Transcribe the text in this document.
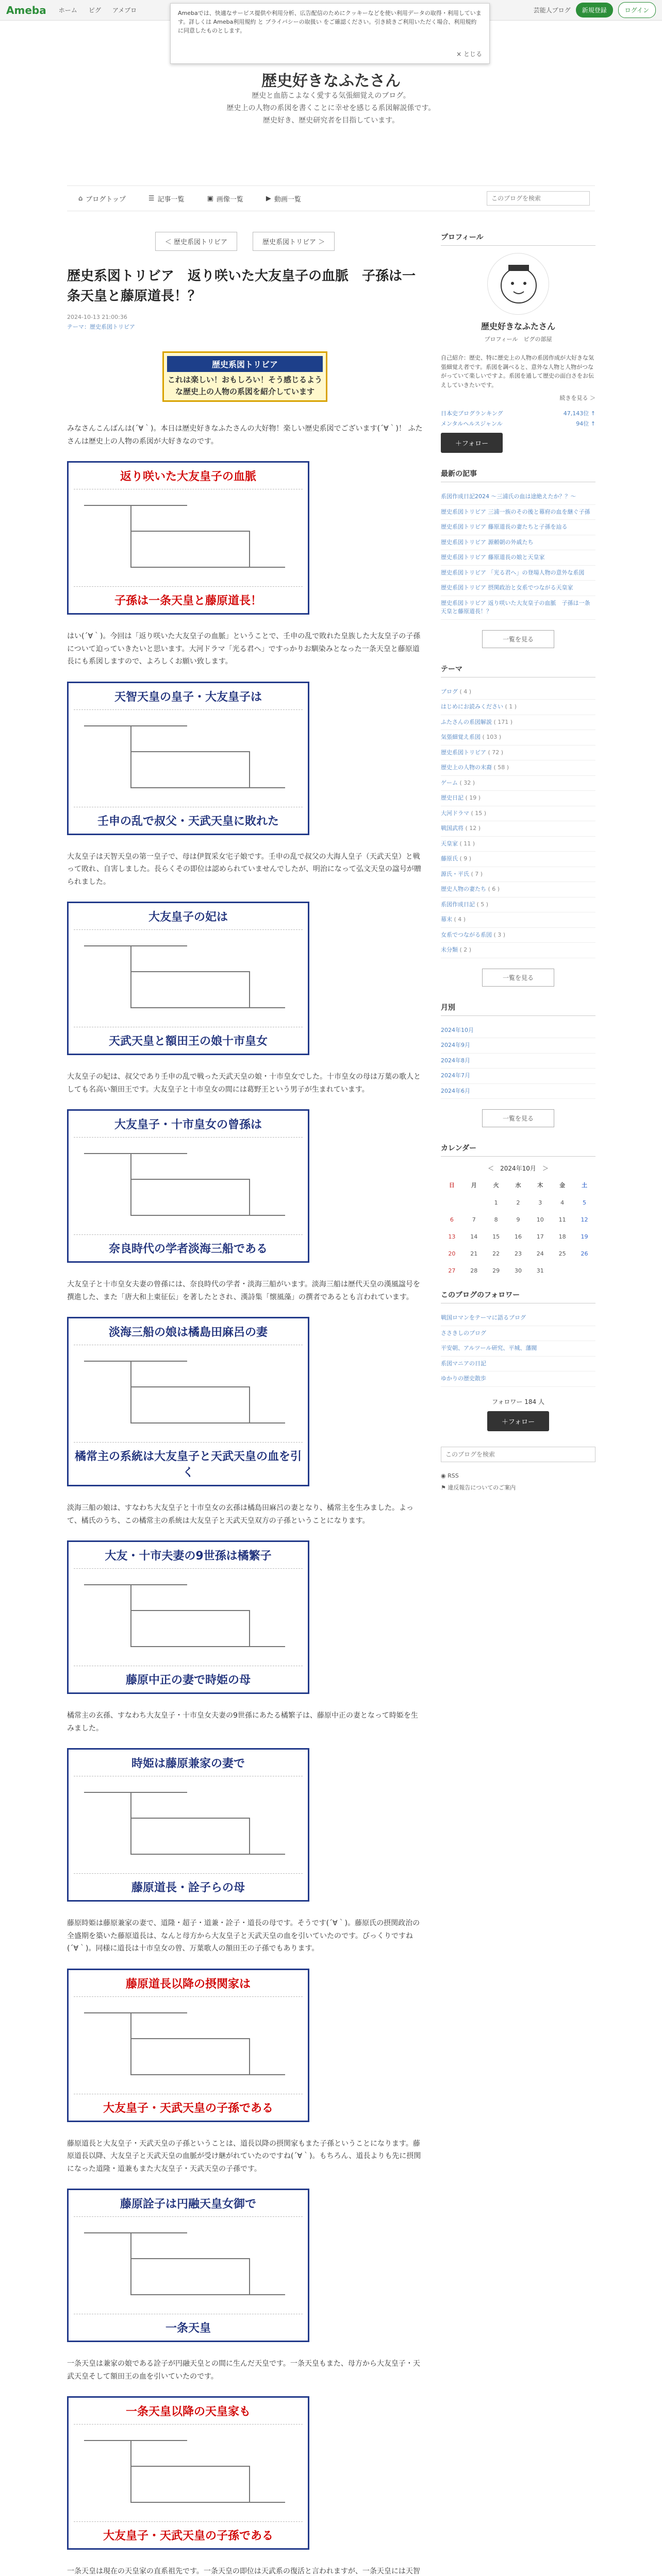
Ameba ホーム ピグ アメブロ	芸能人ブログ	新規登録	ログイン
歴史好きなふたさん
歴史と血筋こよなく愛する気張細覚えのブログ。
歴史上の人物の系図を書くことに幸せを感じる系図解説係です。
歴史好き、歴史研究者を目指しています。
Amebaでは、快適なサービス提供や利用分析、広告配信のためにクッキーなどを使い利用データの取得・利用しています。詳しくは Ameba利用規約 と プライバシーの取扱い をご確認ください。引き続きご利用いただく場合、利用規約に同意したものとします。
× とじる
⌂ ブログトップ	☰ 記事一覧	▣ 画像一覧	▶ 動画一覧
このブログを検索
＜ 歴史系図トリビア	歴史系図トリビア ＞
歴史系図トリビア　返り咲いた大友皇子の血脈　子孫は一条天皇と藤原道長！？
2024-10-13 21:00:36
テーマ：歴史系図トリビア
歴史系図トリビア
これは楽しい！おもしろい！そう感じるような歴史上の人物の系図を紹介しています

みなさんこんばんは(´∀｀)。本日は歴史好きなふたさんの大好物！楽しい歴史系図でございます(´∀｀)！ ふたさんは歴史上の人物の系図が大好きなのです。

返り咲いた大友皇子の血脈
子孫は一条天皇と藤原道長！

はい(´∀｀)。今回は「返り咲いた大友皇子の血脈」ということで、壬申の乱で敗れた皇族した大友皇子の子孫について迫っていきたいと思います。大河ドラマ「光る君へ」ですっかりお馴染みとなった一条天皇と藤原道長にも系図しますので、よろしくお願い致します。

天智天皇の皇子・大友皇子は
壬申の乱で叔父・天武天皇に敗れた

大友皇子は天智天皇の第一皇子で、母は伊賀采女宅子娘です。壬申の乱で叔父の大海人皇子（天武天皇）と戦って敗れ、自害しました。長らくその即位は認められていませんでしたが、明治になって弘文天皇の諡号が贈られました。

大友皇子の妃は
天武天皇と額田王の娘十市皇女

大友皇子の妃は、叔父であり壬申の乱で戦った天武天皇の娘・十市皇女でした。十市皇女の母は万葉の歌人としても名高い額田王です。大友皇子と十市皇女の間には葛野王という男子が生まれています。

大友皇子・十市皇女の曾孫は
奈良時代の学者淡海三船である

大友皇子と十市皇女夫妻の曾孫には、奈良時代の学者・淡海三船がいます。淡海三船は歴代天皇の漢風諡号を撰進した、また「唐大和上東征伝」を著したとされ、漢詩集「懐風藻」の撰者であるとも言われています。

淡海三船の娘は橘島田麻呂の妻
橘常主の系統は大友皇子と天武天皇の血を引く

淡海三船の娘は、すなわち大友皇子と十市皇女の玄孫は橘島田麻呂の妻となり、橘常主を生みました。よって、橘氏のうち、この橘常主の系統は大友皇子と天武天皇双方の子孫ということになります。

大友・十市夫妻の9世孫は橘繁子
藤原中正の妻で時姫の母

橘常主の玄孫、すなわち大友皇子・十市皇女夫妻の9世孫にあたる橘繁子は、藤原中正の妻となって時姫を生みました。

時姫は藤原兼家の妻で
藤原道長・詮子らの母

藤原時姫は藤原兼家の妻で、道隆・超子・道兼・詮子・道長の母です。そうです(´∀｀)。藤原氏の摂関政治の全盛期を築いた藤原道長は、なんと母方から大友皇子と天武天皇の血を引いていたのです。びっくりですね(´∀｀)。同様に道長は十市皇女の曾、万葉歌人の額田王の子孫でもあります。

藤原道長以降の摂関家は
大友皇子・天武天皇の子孫である

藤原道長と大友皇子・天武天皇の子孫ということは、道長以降の摂関家もまた子孫ということになります。藤原道長以降、大友皇子と天武天皇の血脈が受け継がれていたのですね(´∀｀)。もちろん、道長よりも先に摂関になった道隆・道兼もまた大友皇子・天武天皇の子孫です。

藤原詮子は円融天皇女御で
一条天皇

一条天皇は兼家の娘である詮子が円融天皇との間に生んだ天皇です。一条天皇もまた、母方から大友皇子・天武天皇そして額田王の血を引いていたのです。

一条天皇以降の天皇家も
大友皇子・天武天皇の子孫である

一条天皇は現在の天皇家の直系祖先です。一条天皇の即位は天武系の復活と言われますが、一条天皇には天智

プロフィール
歴史好きなふたさん
プロフィール　ピグの部屋
自己紹介：歴史、特に歴史上の人物の系図作成が大好きな気張細覚え者です。系図を調べると、意外な人物と人物がつながっていて楽しいですよ。系図を通して歴史の面白さをお伝えしていきたいです。
続きを見る ＞
日本史ブログランキング	47,143位 ↑
メンタルヘルスジャンル	94位 ↑
＋フォロー
最新の記事
系図作成日記2024 ～三浦氏の血は途絶えたか？？～
歴史系図トリビア 三浦一族のその後と幕府の血を継ぐ子孫
歴史系図トリビア 藤原道長の妻たちと子孫を辿る
歴史系図トリビア 源頼朝の外戚たち
歴史系図トリビア 藤原道長の娘と天皇家
歴史系図トリビア 「光る君へ」の登場人物の意外な系図
歴史系図トリビア 摂関政治と女系でつながる天皇家
歴史系図トリビア 返り咲いた大友皇子の血脈　子孫は一条天皇と藤原道長！？
一覧を見る
テーマ
ブログ ( 4 )
はじめにお読みください ( 1 )
ふたさんの系図解説 ( 171 )
気張細覚え系図 ( 103 )
歴史系図トリビア ( 72 )
歴史上の人物の末裔 ( 58 )
ゲーム ( 32 )
歴史日記 ( 19 )
大河ドラマ ( 15 )
戦国武将 ( 12 )
天皇家 ( 11 )
藤原氏 ( 9 )
源氏・平氏 ( 7 )
歴史人物の妻たち ( 6 )
系図作成日記 ( 5 )
幕末 ( 4 )
女系でつながる系図 ( 3 )
未分類 ( 2 )
一覧を見る
月別
2024年10月
2024年9月
2024年8月
2024年7月
2024年6月
一覧を見る
カレンダー
＜　2024年10月　＞
日	月	火	水	木	金	土
		1	2	3	4	5
6	7	8	9	10	11	12
13	14	15	16	17	18	19
20	21	22	23	24	25	26
27	28	29	30	31		
このブログのフォロワー
戦国ロマンをテーマに語るブログ
ささきしのブログ
平安朝、アルツール研究、平城、藩閥
系図マニアの日記
ゆかりの歴史散歩
フォロワー 184 人
＋フォロー
このブログを検索
◉ RSS
⚑ 違反報告についてのご案内
